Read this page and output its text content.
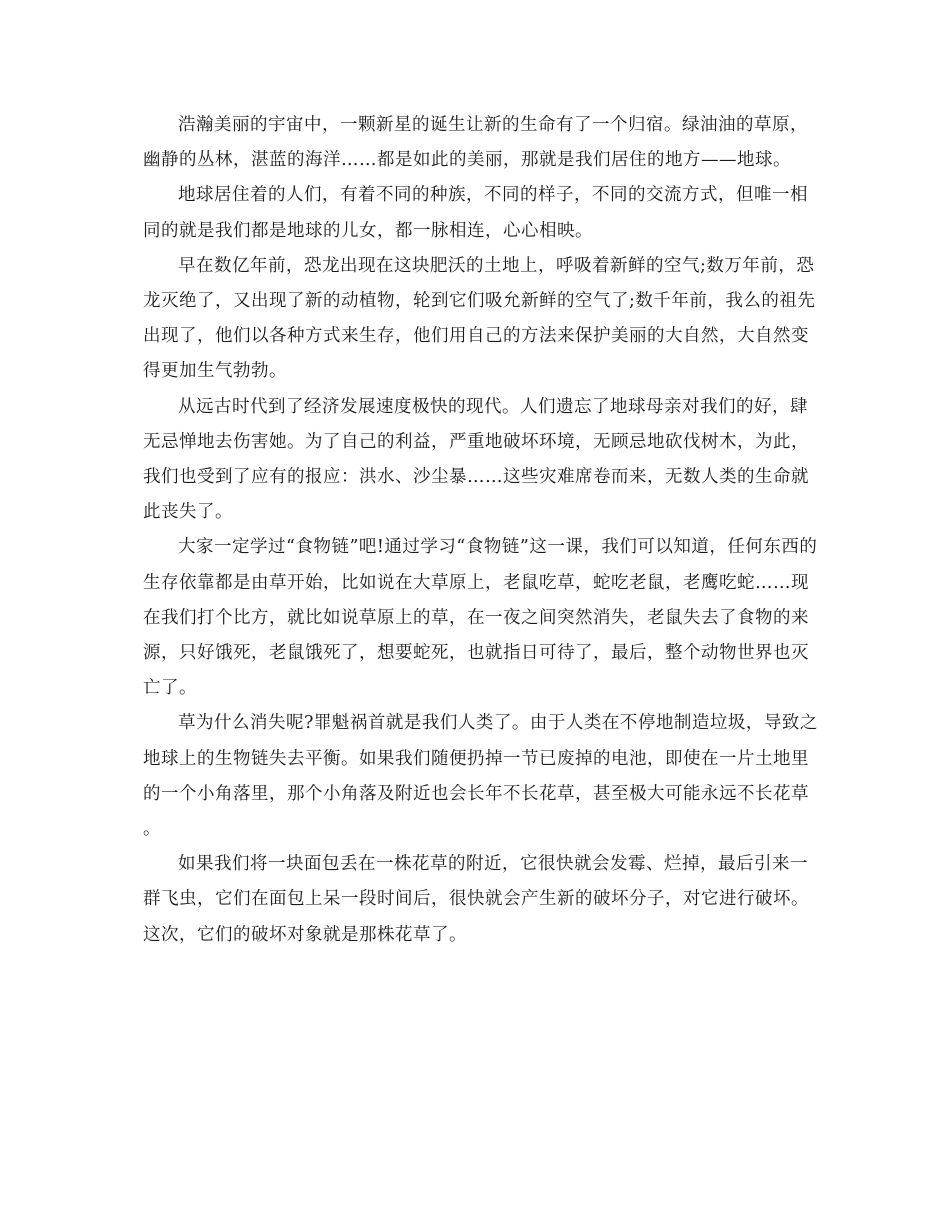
浩瀚美丽的宇宙中，一颗新星的诞生让新的生命有了一个归宿。绿油油的草原，幽静的丛林，湛蓝的海洋……都是如此的美丽，那就是我们居住的地方——地球。

地球居住着的人们，有着不同的种族，不同的样子，不同的交流方式，但唯一相同的就是我们都是地球的儿女，都一脉相连，心心相映。

早在数亿年前，恐龙出现在这块肥沃的土地上，呼吸着新鲜的空气;数万年前，恐龙灭绝了，又出现了新的动植物，轮到它们吸允新鲜的空气了;数千年前，我么的祖先出现了，他们以各种方式来生存，他们用自己的方法来保护美丽的大自然，大自然变得更加生气勃勃。

从远古时代到了经济发展速度极快的现代。人们遗忘了地球母亲对我们的好，肆无忌惮地去伤害她。为了自己的利益，严重地破坏环境，无顾忌地砍伐树木，为此，我们也受到了应有的报应：洪水、沙尘暴……这些灾难席卷而来，无数人类的生命就此丧失了。

大家一定学过“食物链”吧!通过学习“食物链”这一课，我们可以知道，任何东西的生存依靠都是由草开始，比如说在大草原上，老鼠吃草，蛇吃老鼠，老鹰吃蛇……现在我们打个比方，就比如说草原上的草，在一夜之间突然消失，老鼠失去了食物的来源，只好饿死，老鼠饿死了，想要蛇死，也就指日可待了，最后，整个动物世界也灭亡了。

草为什么消失呢?罪魁祸首就是我们人类了。由于人类在不停地制造垃圾，导致之地球上的生物链失去平衡。如果我们随便扔掉一节已废掉的电池，即使在一片土地里的一个小角落里，那个小角落及附近也会长年不长花草，甚至极大可能永远不长花草。

如果我们将一块面包丢在一株花草的附近，它很快就会发霉、烂掉，最后引来一群飞虫，它们在面包上呆一段时间后，很快就会产生新的破坏分子，对它进行破坏。这次，它们的破坏对象就是那株花草了。
